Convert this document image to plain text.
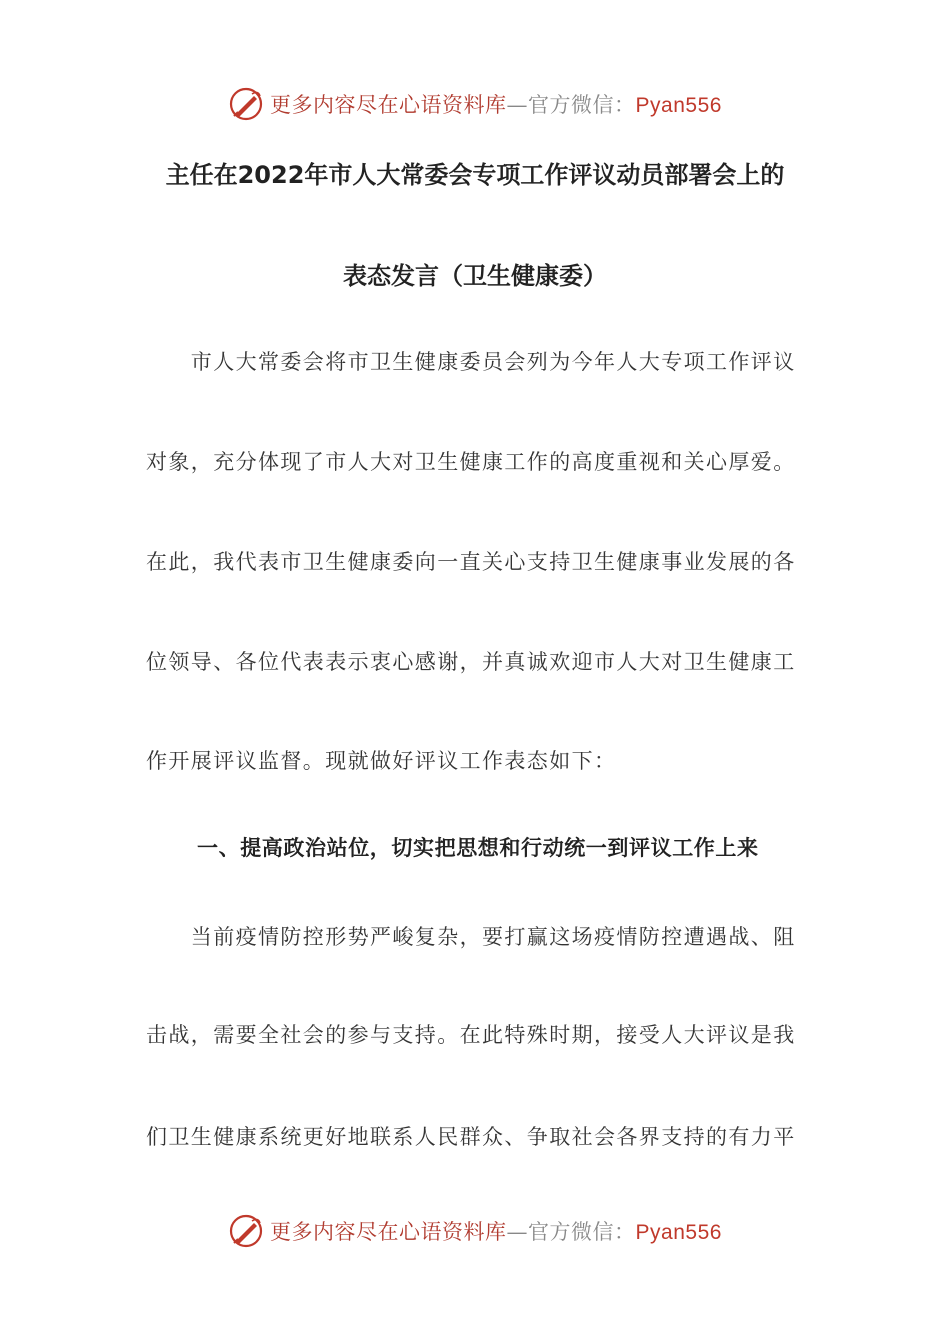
更多内容尽在心语资料库—官方微信：Pyan556
主任在2022年市人大常委会专项工作评议动员部署会上的
表态发言（卫生健康委）
　　市人大常委会将市卫生健康委员会列为今年人大专项工作评议
对象，充分体现了市人大对卫生健康工作的高度重视和关心厚爱。
在此，我代表市卫生健康委向一直关心支持卫生健康事业发展的各
位领导、各位代表表示衷心感谢，并真诚欢迎市人大对卫生健康工
作开展评议监督。现就做好评议工作表态如下：
一、提高政治站位，切实把思想和行动统一到评议工作上来
　　当前疫情防控形势严峻复杂，要打赢这场疫情防控遭遇战、阻
击战，需要全社会的参与支持。在此特殊时期，接受人大评议是我
们卫生健康系统更好地联系人民群众、争取社会各界支持的有力平
更多内容尽在心语资料库—官方微信：Pyan556
